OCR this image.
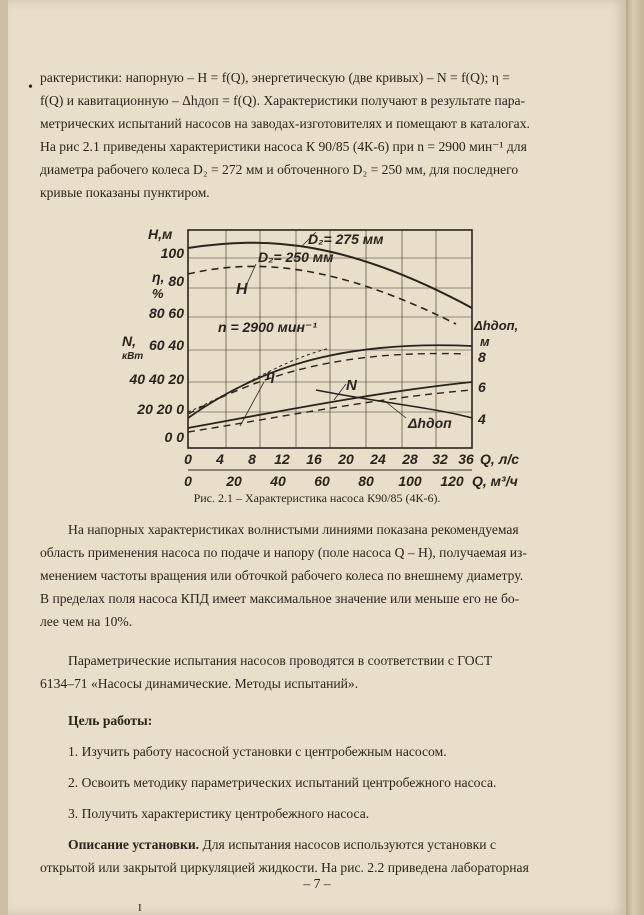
•

рактеристики: напорную – H = f(Q), энергетическую (две кривых) – N = f(Q); η =

f(Q) и кавитационную – Δhдоп = f(Q). Характеристики получают в результате пара-

метрических испытаний насосов на заводах-изготовителях и помещают в каталогах.

На рис 2.1 приведены характеристики насоса К 90/85 (4К-6) при n = 2900 мин⁻¹ для

диаметра рабочего колеса D₂ = 272 мм и обточенного D₂ = 250 мм, для последнего

кривые показаны пунктиром.

D₂= 275 мм
D₂= 250 мм
H
n = 2900 мин⁻¹
η
N
Δhдоп
H,м
η,
%
N,
кВт
100
80
80 60
60 40
40 40 20
20 20 0
0 0
Δhдоп,
м
8
6
4
0 4 8 12 16 20 24 28 32 36 Q, л/с
0 20 40 60 80 100 120 Q, м³/ч
Рис. 2.1 – Характеристика насоса К90/85 (4К-6).

На напорных характеристиках волнистыми линиями показана рекомендуемая

область применения насоса по подаче и напору (поле насоса Q – H), получаемая из-

менением частоты вращения или обточкой рабочего колеса по внешнему диаметру.

В пределах поля насоса КПД имеет максимальное значение или меньше его не бо-

лее чем на 10%.

Параметрические испытания насосов проводятся в соответствии с ГОСТ

6134–71 «Насосы динамические. Методы испытаний».

Цель работы:

1. Изучить работу насосной установки с центробежным насосом.

2. Освоить методику параметрических испытаний центробежного насоса.

3. Получить характеристику центробежного насоса.

Описание установки. Для испытания насосов используются установки с

открытой или закрытой циркуляцией жидкости. На рис. 2.2 приведена лабораторная

– 7 –
I
